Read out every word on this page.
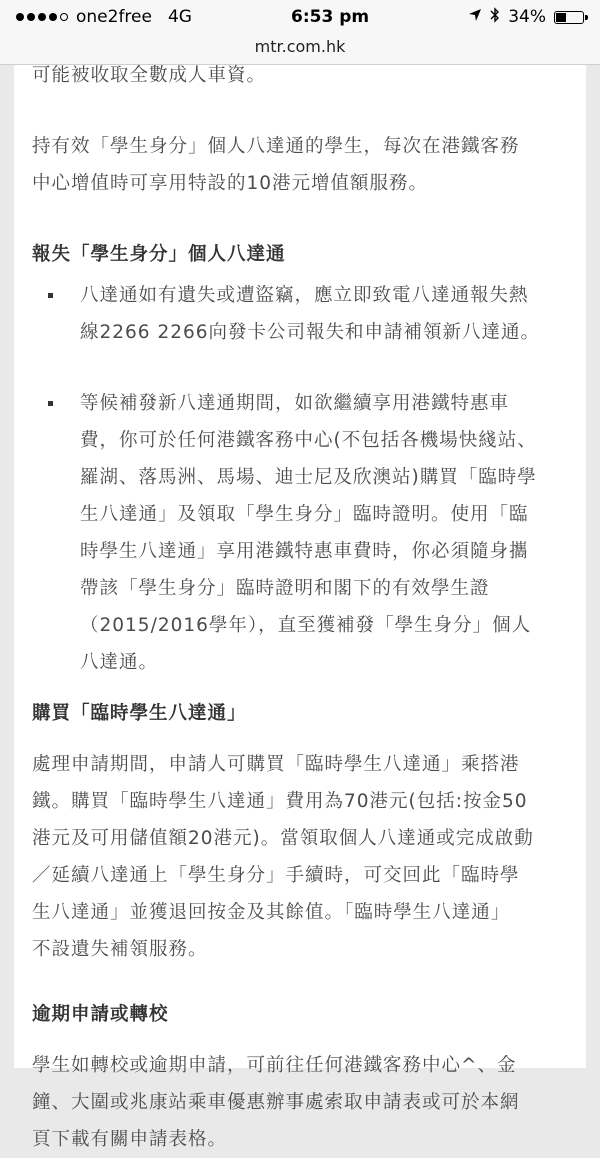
one2free 4G	6:53 pm	34%
mtr.com.hk

可能被收取全數成人車資。

持有效「學生身分」個人八達通的學生，每次在港鐵客務

中心增值時可享用特設的10港元增值額服務。

報失「學生身分」個人八達通
八達通如有遺失或遭盜竊，應立即致電八達通報失熱
線2266 2266向發卡公司報失和申請補領新八達通。
等候補發新八達通期間，如欲繼續享用港鐵特惠車
費，你可於任何港鐵客務中心(不包括各機場快綫站、
羅湖、落馬洲、馬場、迪士尼及欣澳站)購買「臨時學
生八達通」及領取「學生身分」臨時證明。使用「臨
時學生八達通」享用港鐵特惠車費時，你必須隨身攜
帶該「學生身分」臨時證明和閣下的有效學生證
（2015/2016學年），直至獲補發「學生身分」個人
八達通。
購買「臨時學生八達通」

處理申請期間，申請人可購買「臨時學生八達通」乘搭港

鐵。購買「臨時學生八達通」費用為70港元(包括:按金50

港元及可用儲值額20港元)。當領取個人八達通或完成啟動

／延續八達通上「學生身分」手續時，可交回此「臨時學

生八達通」並獲退回按金及其餘值。「臨時學生八達通」

不設遺失補領服務。

逾期申請或轉校

學生如轉校或逾期申請，可前往任何港鐵客務中心^、金

鐘、大圍或兆康站乘車優惠辦事處索取申請表或可於本網

頁下載有關申請表格。
